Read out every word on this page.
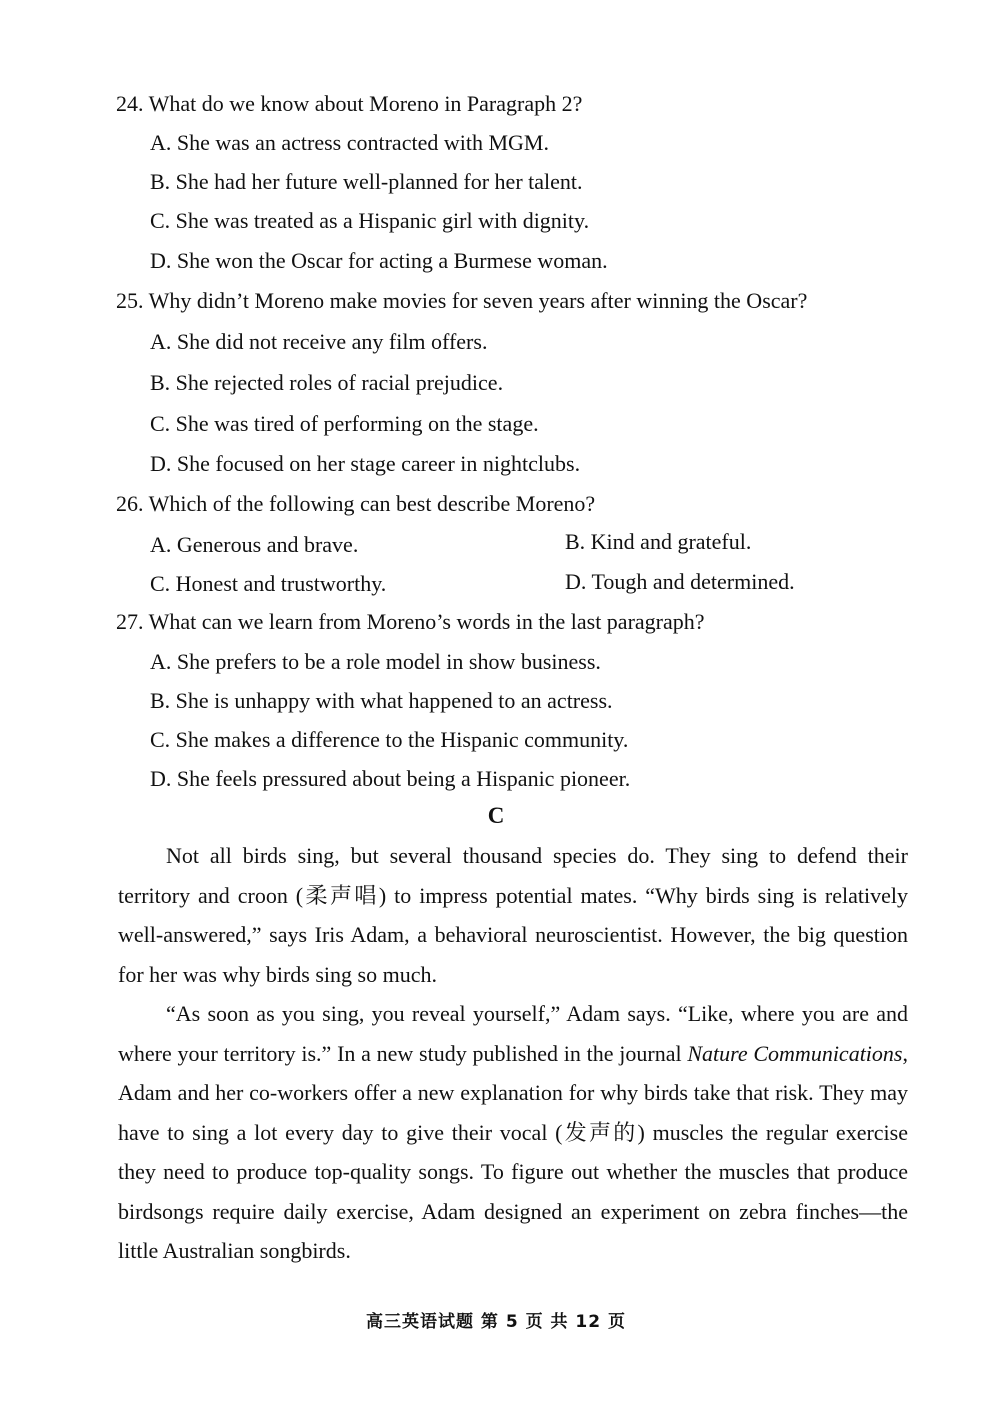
24. What do we know about Moreno in Paragraph 2?
A. She was an actress contracted with MGM.
B. She had her future well-planned for her talent.
C. She was treated as a Hispanic girl with dignity.
D. She won the Oscar for acting a Burmese woman.
25. Why didn’t Moreno make movies for seven years after winning the Oscar?
A. She did not receive any film offers.
B. She rejected roles of racial prejudice.
C. She was tired of performing on the stage.
D. She focused on her stage career in nightclubs.
26. Which of the following can best describe Moreno?
A. Generous and brave.	B. Kind and grateful.
C. Honest and trustworthy.	D. Tough and determined.
27. What can we learn from Moreno’s words in the last paragraph?
A. She prefers to be a role model in show business.
B. She is unhappy with what happened to an actress.
C. She makes a difference to the Hispanic community.
D. She feels pressured about being a Hispanic pioneer.
C
Not all birds sing, but several thousand species do. They sing to defend their territory and croon (柔声唱) to impress potential mates. “Why birds sing is relatively well-answered,” says Iris Adam, a behavioral neuroscientist. However, the big question for her was why birds sing so much.
“As soon as you sing, you reveal yourself,” Adam says. “Like, where you are and where your territory is.” In a new study published in the journal Nature Communications, Adam and her co-workers offer a new explanation for why birds take that risk. They may have to sing a lot every day to give their vocal (发声的) muscles the regular exercise they need to produce top-quality songs. To figure out whether the muscles that produce birdsongs require daily exercise, Adam designed an experiment on zebra finches—the little Australian songbirds.
高三英语试题 第 5 页 共 12 页
